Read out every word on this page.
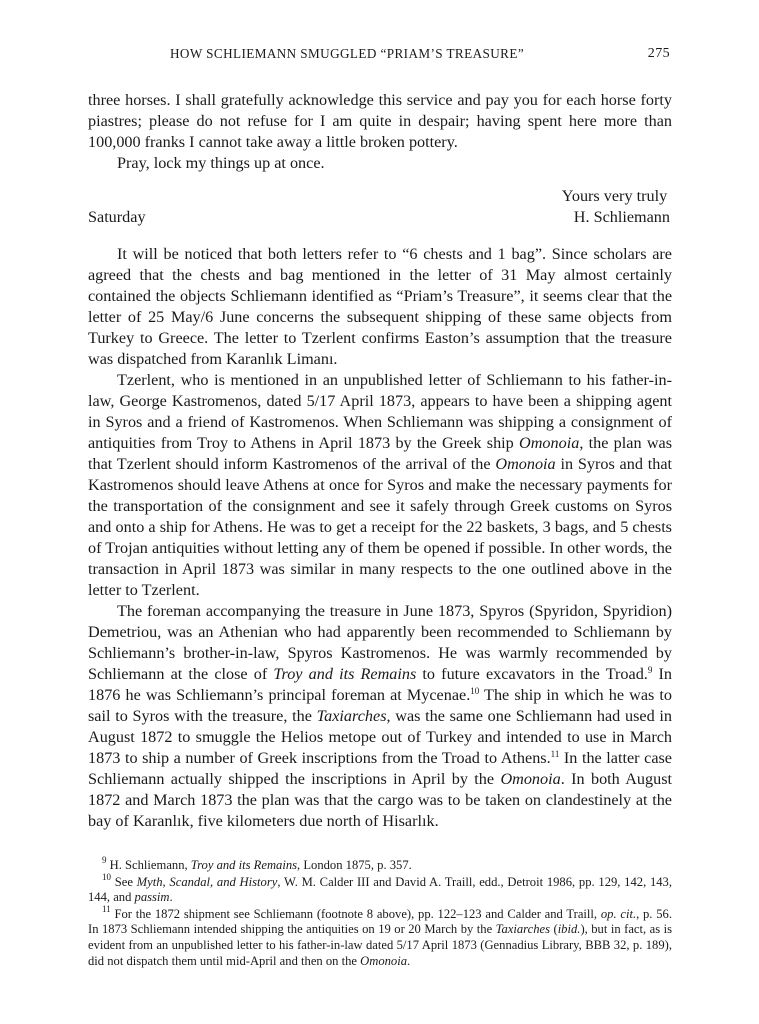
HOW SCHLIEMANN SMUGGLED “PRIAM’S TREASURE”	275

three horses. I shall gratefully acknowledge this service and pay you for each horse forty piastres; please do not refuse for I am quite in despair; having spent here more than 100,000 franks I cannot take away a little broken pottery.

Pray, lock my things up at once.

Yours very truly
H. Schliemann
Saturday

It will be noticed that both letters refer to “6 chests and 1 bag”. Since scholars are agreed that the chests and bag mentioned in the letter of 31 May almost certainly contained the objects Schliemann identified as “Priam’s Treasure”, it seems clear that the letter of 25 May/6 June concerns the subsequent shipping of these same objects from Turkey to Greece. The letter to Tzerlent confirms Easton’s assumption that the treasure was dispatched from Karanlık Limanı.

Tzerlent, who is mentioned in an unpublished letter of Schliemann to his father-in-law, George Kastromenos, dated 5/17 April 1873, appears to have been a shipping agent in Syros and a friend of Kastromenos. When Schliemann was shipping a consignment of antiquities from Troy to Athens in April 1873 by the Greek ship Omonoia, the plan was that Tzerlent should inform Kastromenos of the arrival of the Omonoia in Syros and that Kastromenos should leave Athens at once for Syros and make the necessary payments for the transportation of the consignment and see it safely through Greek customs on Syros and onto a ship for Athens. He was to get a receipt for the 22 baskets, 3 bags, and 5 chests of Trojan antiquities without letting any of them be opened if possible. In other words, the transaction in April 1873 was similar in many respects to the one outlined above in the letter to Tzerlent.

The foreman accompanying the treasure in June 1873, Spyros (Spyridon, Spyridion) Demetriou, was an Athenian who had apparently been recommended to Schliemann by Schliemann’s brother-in-law, Spyros Kastromenos. He was warmly recommended by Schliemann at the close of Troy and its Remains to future excavators in the Troad.$^9$ In 1876 he was Schliemann’s principal foreman at Mycenae.$^{10}$ The ship in which he was to sail to Syros with the treasure, the Taxiarches, was the same one Schliemann had used in August 1872 to smuggle the Helios metope out of Turkey and intended to use in March 1873 to ship a number of Greek inscriptions from the Troad to Athens.$^{11}$ In the latter case Schliemann actually shipped the inscriptions in April by the Omonoia. In both August 1872 and March 1873 the plan was that the cargo was to be taken on clandestinely at the bay of Karanlık, five kilometers due north of Hisarlık.

$^9$ H. Schliemann, Troy and its Remains, London 1875, p. 357.

$^{10}$ See Myth, Scandal, and History, W. M. Calder III and David A. Traill, edd., Detroit 1986, pp. 129, 142, 143, 144, and passim.

$^{11}$ For the 1872 shipment see Schliemann (footnote 8 above), pp. 122–123 and Calder and Traill, op. cit., p. 56. In 1873 Schliemann intended shipping the antiquities on 19 or 20 March by the Taxiarches (ibid.), but in fact, as is evident from an unpublished letter to his father-in-law dated 5/17 April 1873 (Gennadius Library, BBB 32, p. 189), did not dispatch them until mid-April and then on the Omonoia.
